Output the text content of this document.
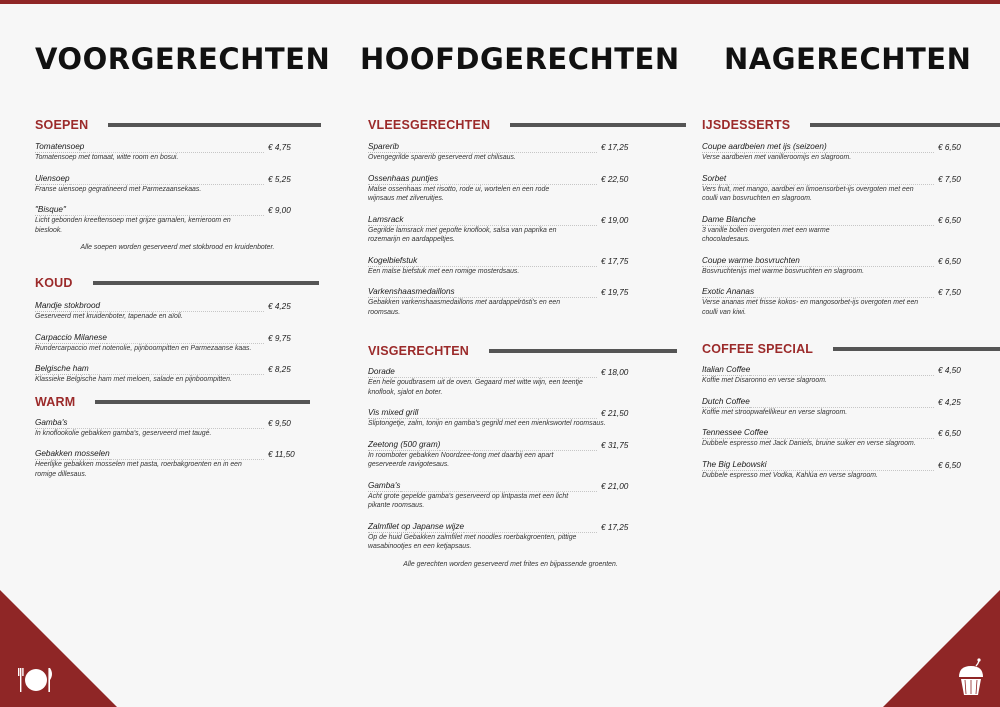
VOORGERECHTEN HOOFDGERECHTEN NAGERECHTEN
SOEPEN
Tomatensoep	€ 4,75
Tomatensoep met tomaat, witte room en bosui.
Uiensoep	€ 5,25
Franse uiensoep gegratineerd met Parmezaansekaas.
"Bisque"	€ 9,00
Licht gebonden kreeftensoep met grijze garnalen, kerrieroom en bieslook.
Alle soepen worden geserveerd met stokbrood en kruidenboter.
KOUD
Mandje stokbrood	€ 4,25
Geserveerd met kruidenboter, tapenade en aïoli.
Carpaccio Milanese	€ 9,75
Rundercarpaccio met notenolie, pijnboompitten en Parmezaanse kaas.
Belgische ham	€ 8,25
Klassieke Belgische ham met meloen, salade en pijnboompitten.
WARM
Gamba's	€ 9,50
In knoflookolie gebakken gamba's, geserveerd met taugé.
Gebakken mosselen	€ 11,50
Heerlijke gebakken mosselen met pasta, roerbakgroenten en in een romige dillesaus.
VLEESGERECHTEN
Sparerib	€ 17,25
Ovengegrilde sparerib geserveerd met chilisaus.
Ossenhaas puntjes	€ 22,50
Malse ossenhaas met risotto, rode ui, wortelen en een rode wijnsaus met zilveruitjes.
Lamsrack	€ 19,00
Gegrilde lamsrack met gepofte knoflook, salsa van paprika en rozemarijn en aardappeltjes.
Kogelbiefstuk	€ 17,75
Een malse biefstuk met een romige mosterdsaus.
Varkenshaasmedaillons	€ 19,75
Gebakken varkenshaasmedaillons met aardappelrösti's en een roomsaus.
VISGERECHTEN
Dorade	€ 18,00
Een hele goudbrasem uit de oven. Gegaard met witte wijn, een teentje knoflook, sjalot en boter.
Vis mixed grill	€ 21,50
Sliptongetje, zalm, tonijn en gamba's gegrild met een mienkswortel roomsaus.
Zeetong (500 gram)	€ 31,75
In roomboter gebakken Noordzee-tong met daarbij een apart geserveerde ravigotesaus.
Gamba's	€ 21,00
Acht grote gepelde gamba's geserveerd op lintpasta met een licht pikante roomsaus.
Zalmfilet op Japanse wijze	€ 17,25
Op de huid Gebakken zalmfilet met noodles roerbakgroenten, pittige wasabinootjes en een ketjapsaus.
Alle gerechten worden geserveerd met frites en bijpassende groenten.
IJSDESSERTS
Coupe aardbeien met ijs (seizoen)	€ 6,50
Verse aardbeien met vanilleroomijs en slagroom.
Sorbet	€ 7,50
Vers fruit, met mango, aardbei en limoensorbet-ijs overgoten met een coulli van bosvruchten en slagroom.
Dame Blanche	€ 6,50
3 vanille bollen overgoten met een warme chocoladesaus.
Coupe warme bosvruchten	€ 6,50
Bosvruchtenijs met warme bosvruchten en slagroom.
Exotic Ananas	€ 7,50
Verse ananas met frisse kokos- en mangosorbet-ijs overgoten met een coulli van kiwi.
COFFEE SPECIAL
Italian Coffee	€ 4,50
Koffie met Disaronno en verse slagroom.
Dutch Coffee	€ 4,25
Koffie met stroopwafellikeur en verse slagroom.
Tennessee Coffee	€ 6,50
Dubbele espresso met Jack Daniels, bruine suiker en verse slagroom.
The Big Lebowski	€ 6,50
Dubbele espresso met Vodka, Kahlúa en verse slagroom.
